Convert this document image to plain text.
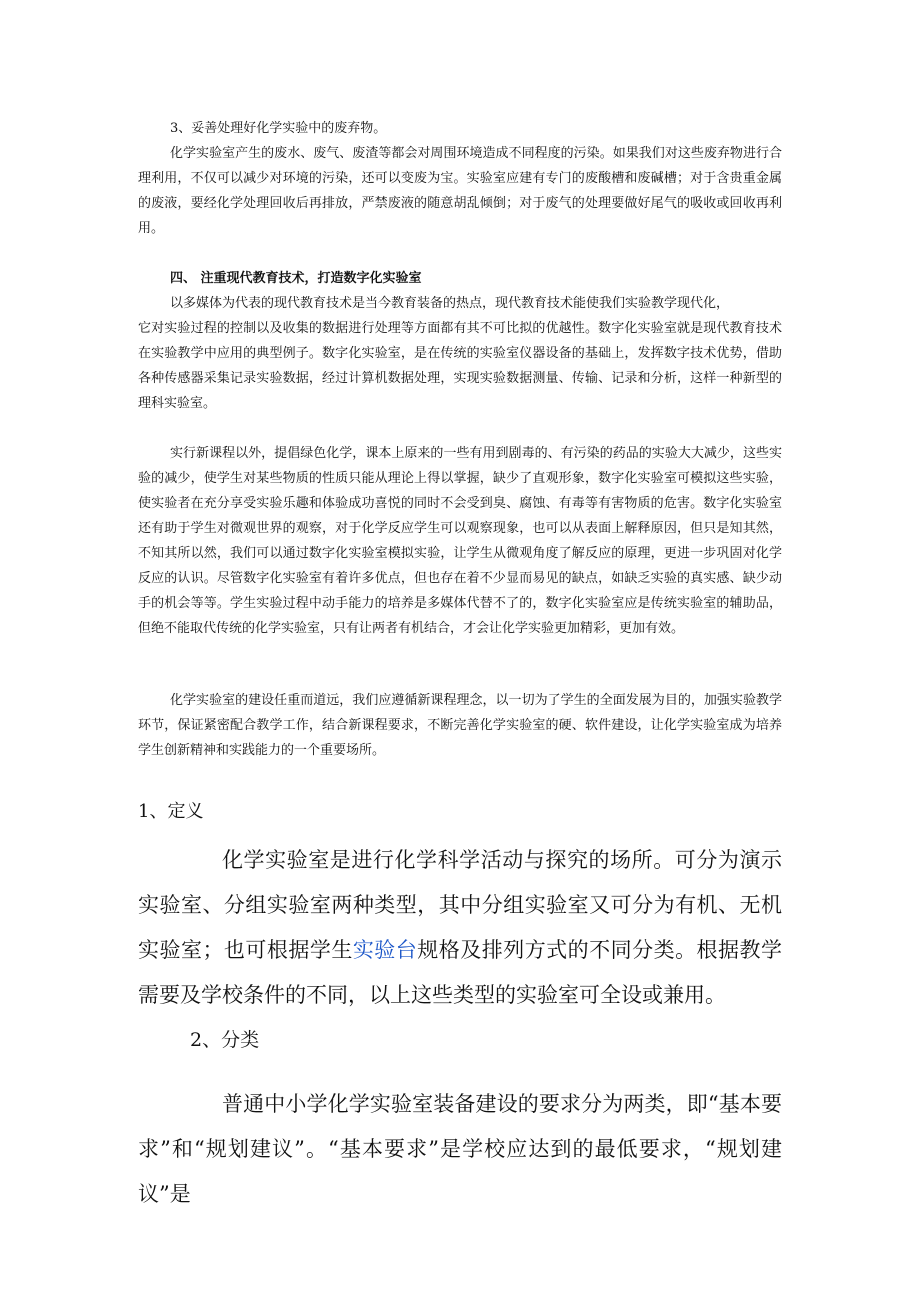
3、妥善处理好化学实验中的废弃物。

化学实验室产生的废水、废气、废渣等都会对周围环境造成不同程度的污染。如果我们对这些废弃物进行合理利用，不仅可以减少对环境的污染，还可以变废为宝。实验室应建有专门的废酸槽和废碱槽；对于含贵重金属的废液，要经化学处理回收后再排放，严禁废液的随意胡乱倾倒；对于废气的处理要做好尾气的吸收或回收再利用。

四、 注重现代教育技术，打造数字化实验室

以多媒体为代表的现代教育技术是当今教育装备的热点，现代教育技术能使我们实验教学现代化，

它对实验过程的控制以及收集的数据进行处理等方面都有其不可比拟的优越性。数字化实验室就是现代教育技术在实验教学中应用的典型例子。数字化实验室，是在传统的实验室仪器设备的基础上，发挥数字技术优势，借助各种传感器采集记录实验数据，经过计算机数据处理，实现实验数据测量、传输、记录和分析，这样一种新型的理科实验室。

实行新课程以外，提倡绿色化学，课本上原来的一些有用到剧毒的、有污染的药品的实验大大减少，这些实验的减少，使学生对某些物质的性质只能从理论上得以掌握，缺少了直观形象，数字化实验室可模拟这些实验，使实验者在充分享受实验乐趣和体验成功喜悦的同时不会受到臭、腐蚀、有毒等有害物质的危害。数字化实验室还有助于学生对微观世界的观察，对于化学反应学生可以观察现象，也可以从表面上解释原因，但只是知其然，不知其所以然，我们可以通过数字化实验室模拟实验，让学生从微观角度了解反应的原理，更进一步巩固对化学反应的认识。尽管数字化实验室有着许多优点，但也存在着不少显而易见的缺点，如缺乏实验的真实感、缺少动手的机会等等。学生实验过程中动手能力的培养是多媒体代替不了的，数字化实验室应是传统实验室的辅助品，但绝不能取代传统的化学实验室，只有让两者有机结合，才会让化学实验更加精彩，更加有效。

化学实验室的建设任重而道远，我们应遵循新课程理念，以一切为了学生的全面发展为目的，加强实验教学环节，保证紧密配合教学工作，结合新课程要求，不断完善化学实验室的硬、软件建设，让化学实验室成为培养学生创新精神和实践能力的一个重要场所。

1、定义

化学实验室是进行化学科学活动与探究的场所。可分为演示实验室、分组实验室两种类型，其中分组实验室又可分为有机、无机实验室；也可根据学生实验台规格及排列方式的不同分类。根据教学需要及学校条件的不同，以上这些类型的实验室可全设或兼用。

2、分类

普通中小学化学实验室装备建设的要求分为两类，即“基本要求”和“规划建议”。“基本要求”是学校应达到的最低要求，“规划建议”是
